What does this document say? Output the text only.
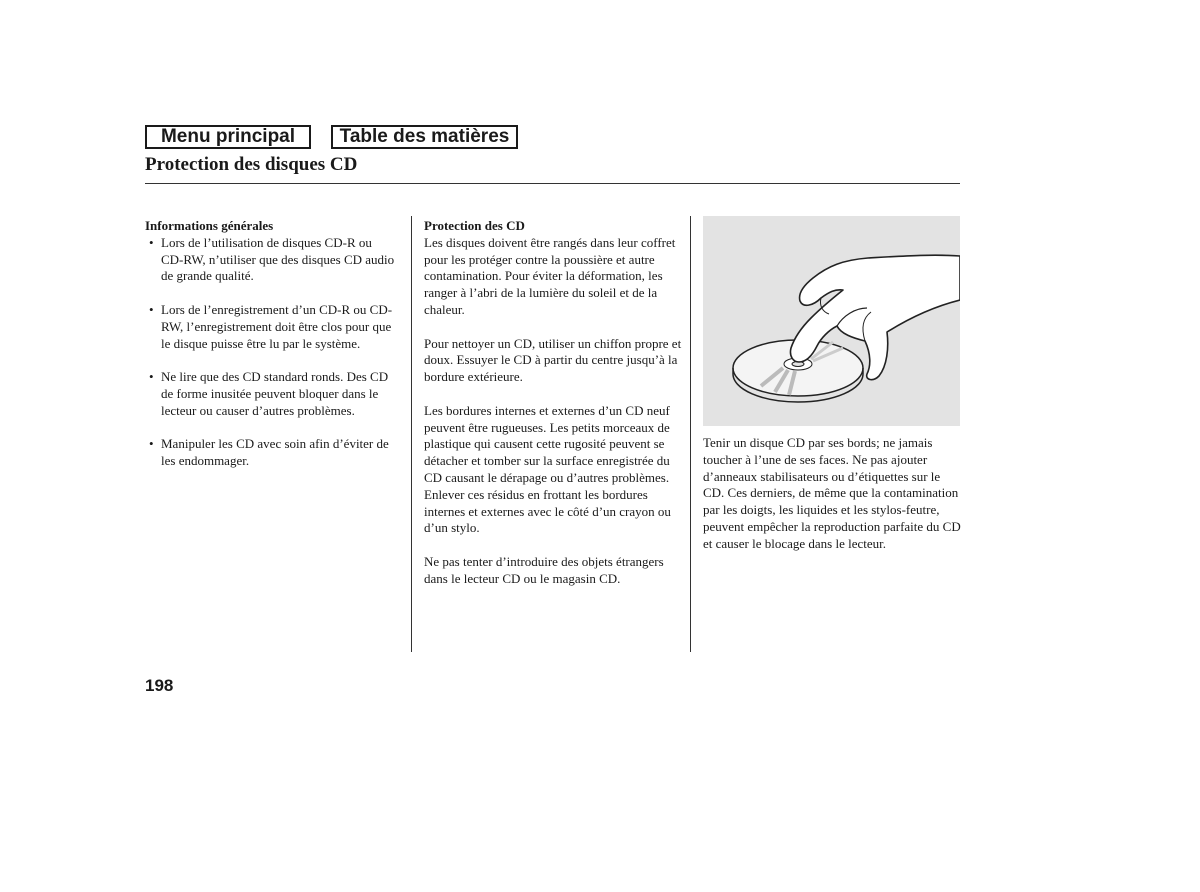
Menu principal	Table des matières
Protection des disques CD
Informations générales
• Lors de l’utilisation de disques CD-R ou CD-RW, n’utiliser que des disques CD audio de grande qualité.
• Lors de l’enregistrement d’un CD-R ou CD-RW, l’enregistrement doit être clos pour que le disque puisse être lu par le système.
• Ne lire que des CD standard ronds. Des CD de forme inusitée peuvent bloquer dans le lecteur ou causer d’autres problèmes.
• Manipuler les CD avec soin afin d’éviter de les endommager.
Protection des CD

Les disques doivent être rangés dans leur coffret pour les protéger contre la poussière et autre contamination. Pour éviter la déformation, les ranger à l’abri de la lumière du soleil et de la chaleur.

Pour nettoyer un CD, utiliser un chiffon propre et doux. Essuyer le CD à partir du centre jusqu’à la bordure extérieure.

Les bordures internes et externes d’un CD neuf peuvent être rugueuses. Les petits morceaux de plastique qui causent cette rugosité peuvent se détacher et tomber sur la surface enregistrée du CD causant le dérapage ou d’autres problèmes. Enlever ces résidus en frottant les bordures internes et externes avec le côté d’un crayon ou d’un stylo.

Ne pas tenter d’introduire des objets étrangers dans le lecteur CD ou le magasin CD.

Tenir un disque CD par ses bords; ne jamais toucher à l’une de ses faces. Ne pas ajouter d’anneaux stabilisateurs ou d’étiquettes sur le CD. Ces derniers, de même que la contamination par les doigts, les liquides et les stylos-feutre, peuvent empêcher la reproduction parfaite du CD et causer le blocage dans le lecteur.

198
